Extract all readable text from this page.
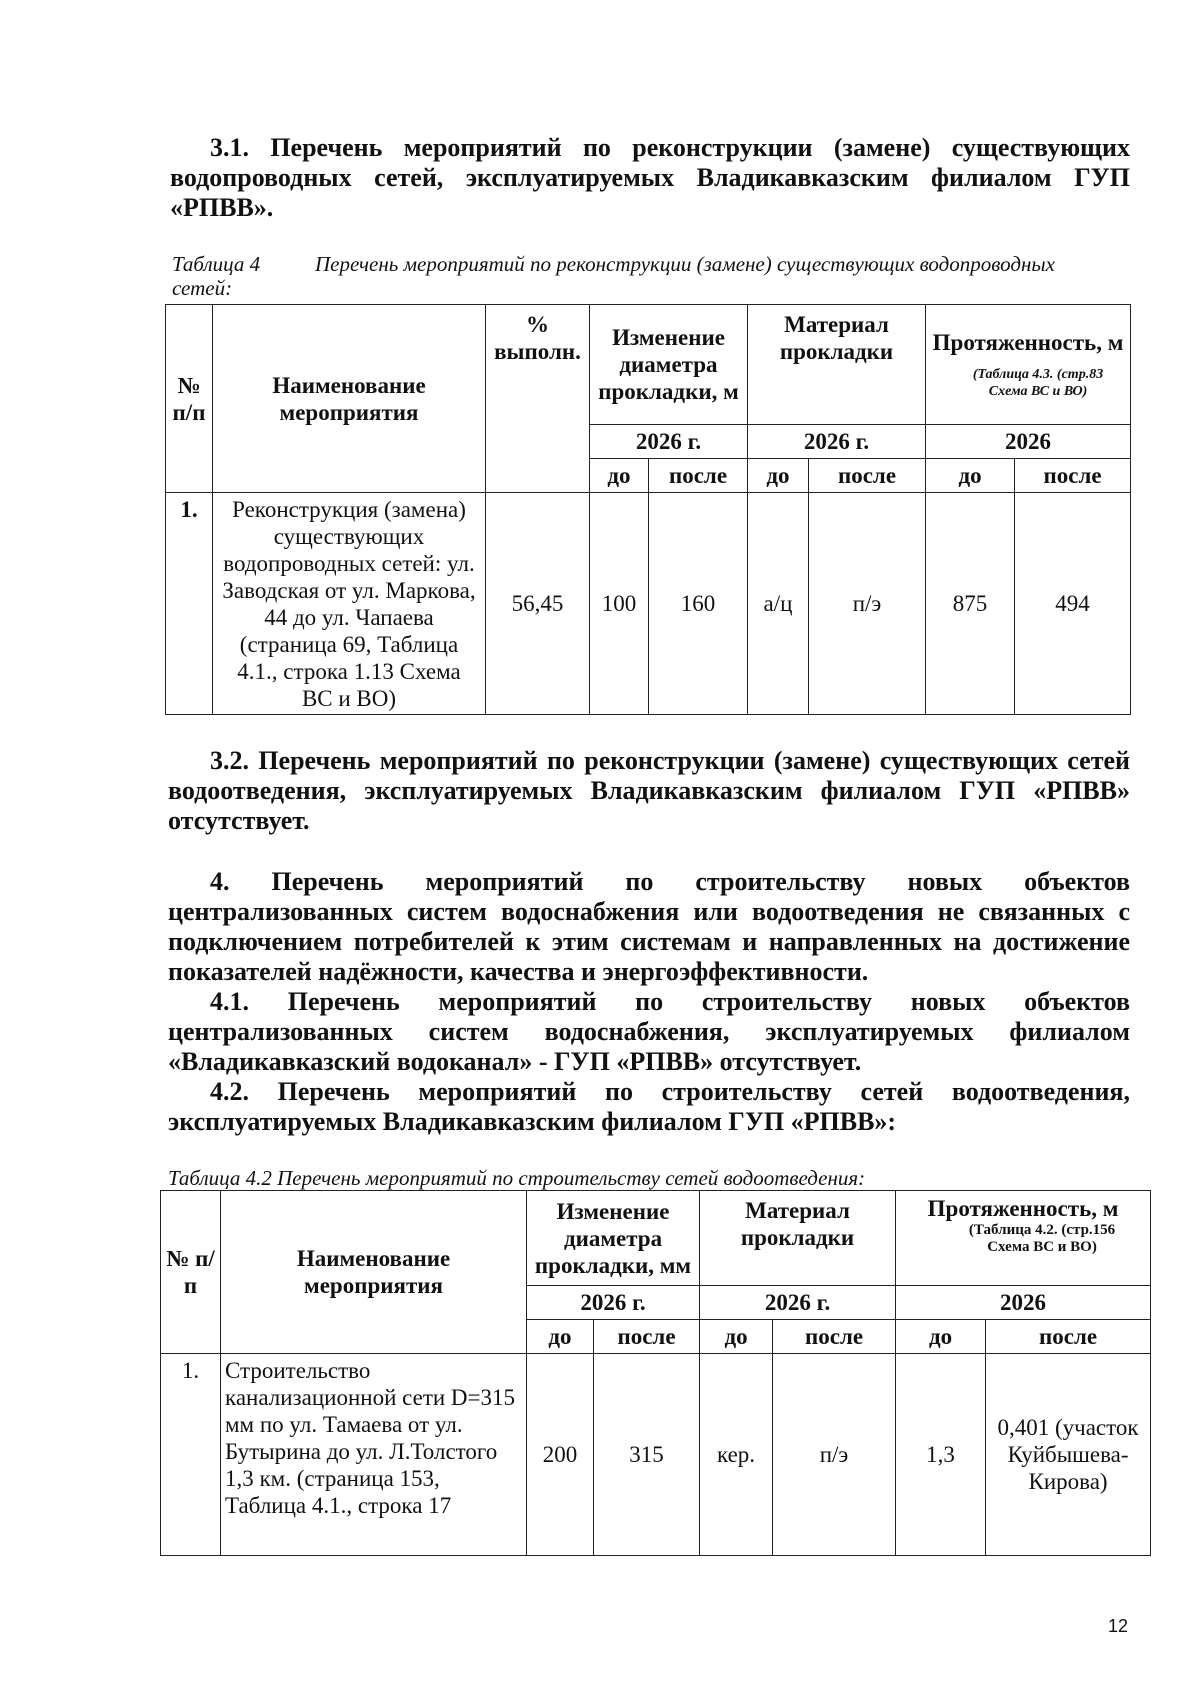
3.1. Перечень мероприятий по реконструкции (замене) существующих водопроводных сетей, эксплуатируемых Владикавказским филиалом ГУП «РПВВ».
Таблица 4	Перечень мероприятий по реконструкции (замене) существующих водопроводных сетей:
№ п/п	Наименование мероприятия	% выполн.	Изменение диаметра прокладки, м		Материал прокладки		Протяженность, м
(Таблица 4.3. (стр.83 Схема ВС и ВО)	

			2026 г.		2026 г.		2026	
			до	после	до	после	до	после
1.	Реконструкция (замена) существующих водопроводных сетей: ул. Заводская от ул. Маркова, 44 до ул. Чапаева (страница 69, Таблица 4.1., строка 1.13 Схема ВС и ВО)	56,45	100	160	а/ц	п/э	875	494
3.2. Перечень мероприятий по реконструкции (замене) существующих сетей водоотведения, эксплуатируемых Владикавказским филиалом ГУП «РПВВ» отсутствует.
4. Перечень мероприятий по строительству новых объектов централизованных систем водоснабжения или водоотведения не связанных с подключением потребителей к этим системам и направленных на достижение показателей надёжности, качества и энергоэффективности.
4.1. Перечень мероприятий по строительству новых объектов централизованных систем водоснабжения, эксплуатируемых филиалом «Владикавказский водоканал» - ГУП «РПВВ» отсутствует.
4.2. Перечень мероприятий по строительству сетей водоотведения, эксплуатируемых Владикавказским филиалом ГУП «РПВВ»:
Таблица 4.2 Перечень мероприятий по строительству сетей водоотведения:
№ п/п	Наименование мероприятия	Изменение диаметра прокладки, мм		Материал прокладки		Протяженность, м
(Таблица 4.2. (стр.156 Схема ВС и ВО)	

		2026 г.		2026 г.		2026	
		до	после	до	после	до	после
1.	Строительство канализационной сети D=315 мм по ул. Тамаева от ул. Бутырина до ул. Л.Толстого 1,3 км. (страница 153, Таблица 4.1., строка 17	200	315	кер.	п/э	1,3	0,401 (участок Куйбышева-Кирова)
12
